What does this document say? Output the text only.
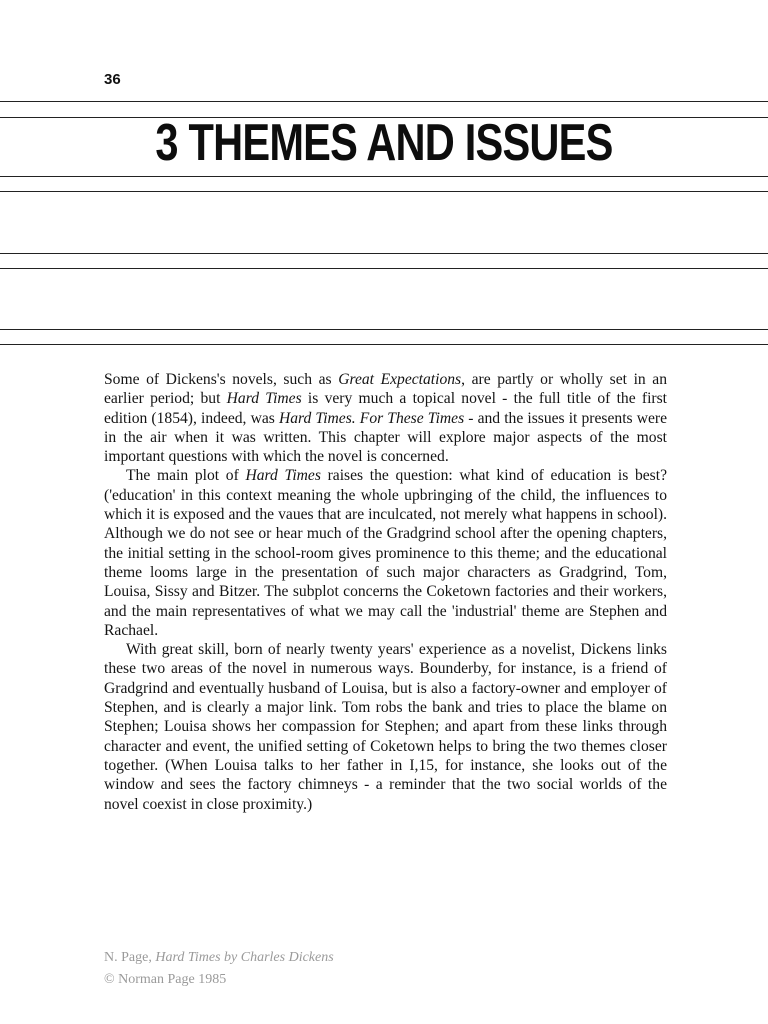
36
3 THEMES AND ISSUES

Some of Dickens's novels, such as Great Expectations, are partly or wholly set in an earlier period; but Hard Times is very much a topical novel - the full title of the first edition (1854), indeed, was Hard Times. For These Times - and the issues it presents were in the air when it was written. This chapter will explore major aspects of the most important questions with which the novel is concerned.

The main plot of Hard Times raises the question: what kind of education is best? ('education' in this context meaning the whole upbringing of the child, the influences to which it is exposed and the vaues that are inculcated, not merely what happens in school). Although we do not see or hear much of the Gradgrind school after the opening chapters, the initial setting in the school-room gives prominence to this theme; and the educational theme looms large in the presentation of such major characters as Gradgrind, Tom, Louisa, Sissy and Bitzer. The subplot concerns the Coketown factories and their workers, and the main representatives of what we may call the 'industrial' theme are Stephen and Rachael.

With great skill, born of nearly twenty years' experience as a novelist, Dickens links these two areas of the novel in numerous ways. Bounderby, for instance, is a friend of Gradgrind and eventually husband of Louisa, but is also a factory-owner and employer of Stephen, and is clearly a major link. Tom robs the bank and tries to place the blame on Stephen; Louisa shows her compassion for Stephen; and apart from these links through character and event, the unified setting of Coketown helps to bring the two themes closer together. (When Louisa talks to her father in I,15, for instance, she looks out of the window and sees the factory chimneys - a reminder that the two social worlds of the novel coexist in close proximity.)

N. Page, Hard Times by Charles Dickens
© Norman Page 1985
